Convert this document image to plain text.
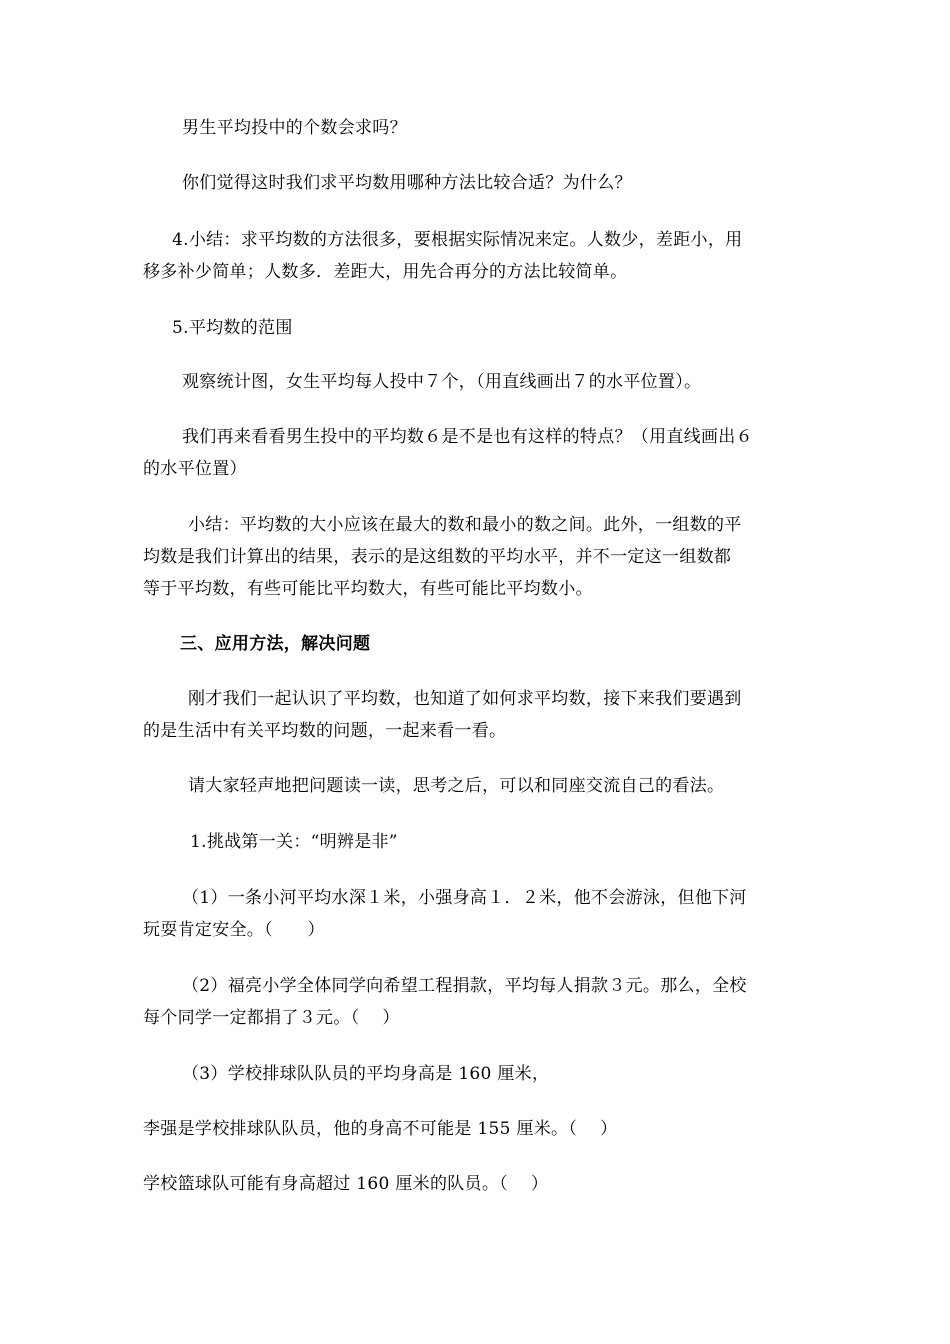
男生平均投中的个数会求吗？
你们觉得这时我们求平均数用哪种方法比较合适？为什么？
4.小结：求平均数的方法很多，要根据实际情况来定。人数少，差距小，用
移多补少简单；人数多．差距大，用先合再分的方法比较简单。
5.平均数的范围
观察统计图，女生平均每人投中７个，（用直线画出７的水平位置）。
我们再来看看男生投中的平均数６是不是也有这样的特点？（用直线画出６
的水平位置）
小结：平均数的大小应该在最大的数和最小的数之间。此外，一组数的平
均数是我们计算出的结果，表示的是这组数的平均水平，并不一定这一组数都
等于平均数，有些可能比平均数大，有些可能比平均数小。
三、应用方法，解决问题
刚才我们一起认识了平均数，也知道了如何求平均数，接下来我们要遇到
的是生活中有关平均数的问题，一起来看一看。
请大家轻声地把问题读一读，思考之后，可以和同座交流自己的看法。
1.挑战第一关：“明辨是非”
（1）一条小河平均水深１米，小强身高１．２米，他不会游泳，但他下河
玩耍肯定安全。（　　）
（2）福亮小学全体同学向希望工程捐款，平均每人捐款３元。那么，全校
每个同学一定都捐了３元。（　 ）
（3）学校排球队队员的平均身高是 160 厘米，
李强是学校排球队队员，他的身高不可能是 155 厘米。（　 ）
学校篮球队可能有身高超过 160 厘米的队员。（　 ）
